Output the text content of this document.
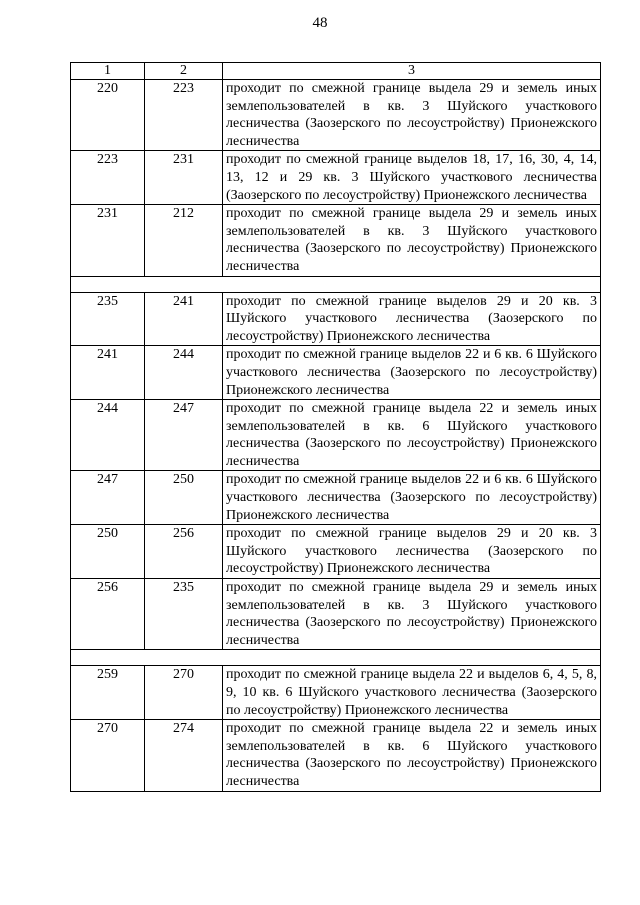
48
1	2	3
220	223	проходит по смежной границе выдела 29 и земель иных землепользователей в кв. 3 Шуйского участкового лесничества (Заозерского по лесоустройству) Прионежского лесничества
223	231	проходит по смежной границе выделов 18, 17, 16, 30, 4, 14, 13, 12 и 29 кв. 3 Шуйского участкового лесничества (Заозерского по лесоустройству) Прионежского лесничества
231	212	проходит по смежной границе выдела 29 и земель иных землепользователей в кв. 3 Шуйского участкового лесничества (Заозерского по лесоустройству) Прионежского лесничества

235	241	проходит по смежной границе выделов 29 и 20 кв. 3 Шуйского участкового лесничества (Заозерского по лесоустройству) Прионежского лесничества
241	244	проходит по смежной границе выделов 22 и 6 кв. 6 Шуйского участкового лесничества (Заозерского по лесоустройству) Прионежского лесничества
244	247	проходит по смежной границе выдела 22 и земель иных землепользователей в кв. 6 Шуйского участкового лесничества (Заозерского по лесоустройству) Прионежского лесничества
247	250	проходит по смежной границе выделов 22 и 6 кв. 6 Шуйского участкового лесничества (Заозерского по лесоустройству) Прионежского лесничества
250	256	проходит по смежной границе выделов 29 и 20 кв. 3 Шуйского участкового лесничества (Заозерского по лесоустройству) Прионежского лесничества
256	235	проходит по смежной границе выдела 29 и земель иных землепользователей в кв. 3 Шуйского участкового лесничества (Заозерского по лесоустройству) Прионежского лесничества

259	270	проходит по смежной границе выдела 22 и выделов 6, 4, 5, 8, 9, 10 кв. 6 Шуйского участкового лесничества (Заозерского по лесоустройству) Прионежского лесничества
270	274	проходит по смежной границе выдела 22 и земель иных землепользователей в кв. 6 Шуйского участкового лесничества (Заозерского по лесоустройству) Прионежского лесничества
